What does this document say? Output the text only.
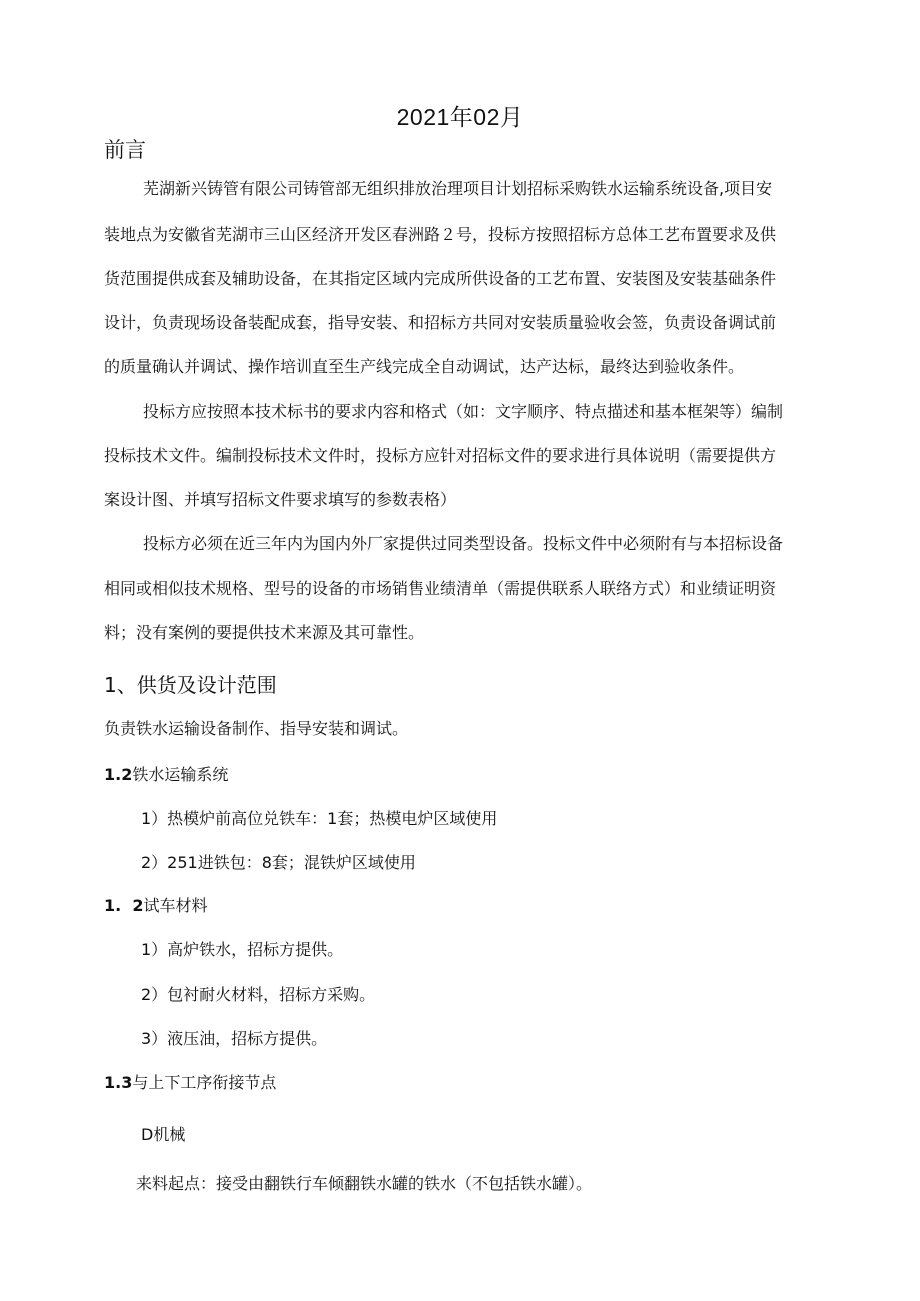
2021年02月
前言
芜湖新兴铸管有限公司铸管部无组织排放治理项目计划招标采购铁水运输系统设备,项目安
装地点为安徽省芜湖市三山区经济开发区春洲路２号，投标方按照招标方总体工艺布置要求及供
货范围提供成套及辅助设备，在其指定区域内完成所供设备的工艺布置、安装图及安装基础条件
设计，负责现场设备装配成套，指导安装、和招标方共同对安装质量验收会签，负责设备调试前
的质量确认并调试、操作培训直至生产线完成全自动调试，达产达标，最终达到验收条件。
投标方应按照本技术标书的要求内容和格式（如：文字顺序、特点描述和基本框架等）编制
投标技术文件。编制投标技术文件时，投标方应针对招标文件的要求进行具体说明（需要提供方
案设计图、并填写招标文件要求填写的参数表格）
投标方必须在近三年内为国内外厂家提供过同类型设备。投标文件中必须附有与本招标设备
相同或相似技术规格、型号的设备的市场销售业绩清单（需提供联系人联络方式）和业绩证明资
料；没有案例的要提供技术来源及其可靠性。
1、供货及设计范围
负责铁水运输设备制作、指导安装和调试。
1.2铁水运输系统
1）热模炉前高位兑铁车：1套；热模电炉区域使用
2）251进铁包：8套；混铁炉区域使用
1.  2试车材料
1）高炉铁水，招标方提供。
2）包衬耐火材料，招标方采购。
3）液压油，招标方提供。
1.3与上下工序衔接节点
D机械
来料起点：接受由翻铁行车倾翻铁水罐的铁水（不包括铁水罐）。
